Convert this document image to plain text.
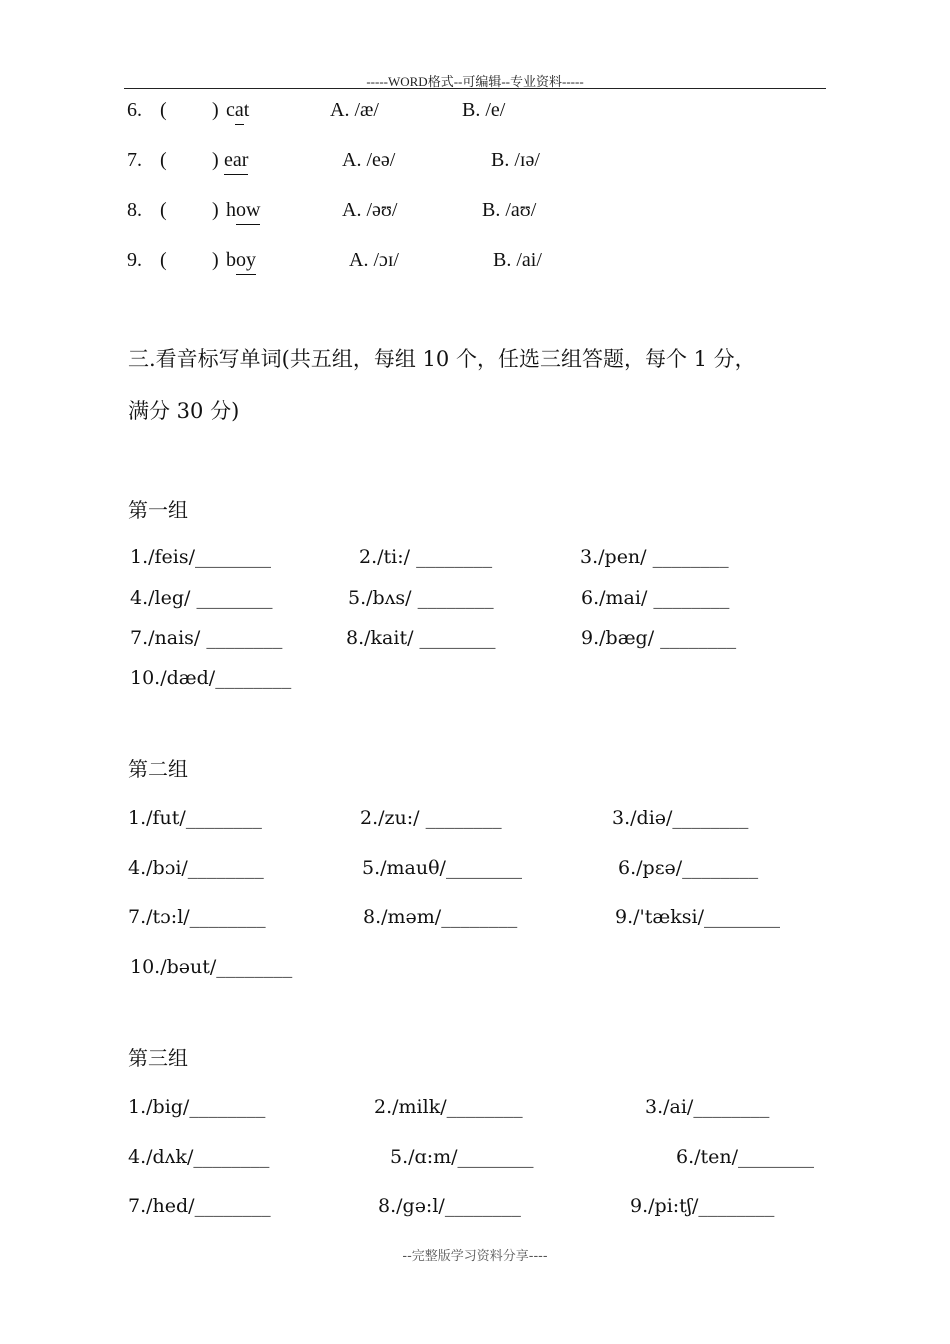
-----WORD格式--可编辑--专业资料-----
6. ( ) cat	A. /æ/	B. /e/
7. ( ) ear	A. /eə/	B. /ɪə/
8. ( ) how	A. /əʊ/	B. /aʊ/
9. ( ) boy	A. /ɔɪ/	B. /ai/
三.看音标写单词(共五组，每组 10 个，任选三组答题，每个 1 分，
满分 30 分)
第一组
1./feis/________	2./ti:/ ________	3./pen/ ________
4./leg/ ________	5./bʌs/ ________	6./mai/ ________
7./nais/ ________	8./kait/ ________	9./bæg/ ________
10./dæd/________
第二组
1./fut/________	2./zu:/ ________	3./diə/________
4./bɔi/________	5./mauθ/________	6./pεə/________
7./tɔ:l/________	8./məm/________	9./'tæksi/________
10./bəut/________
第三组
1./big/________	2./milk/________	3./ai/________
4./dʌk/________	5./ɑ:m/________	6./ten/________
7./hed/________	8./gə:l/________	9./pi:tʃ/________
--完整版学习资料分享----
